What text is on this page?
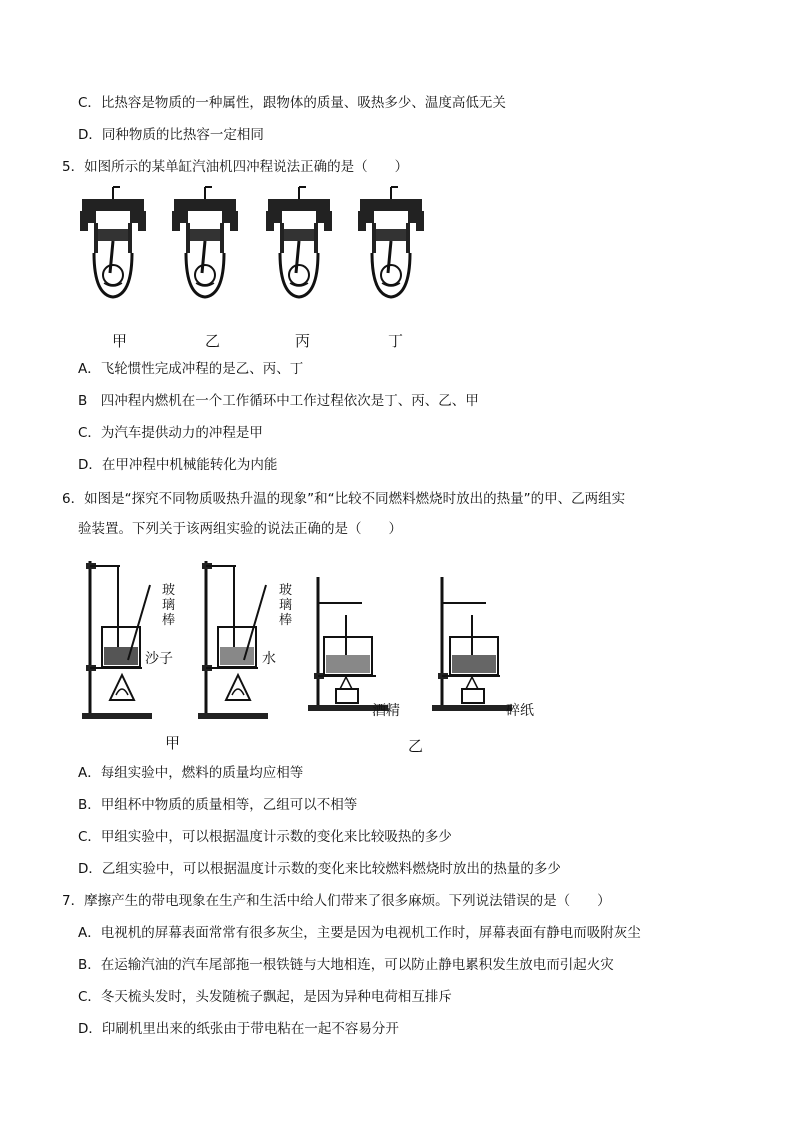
C．比热容是物质的一种属性，跟物体的质量、吸热多少、温度高低无关
D．同种物质的比热容一定相同
5．如图所示的某单缸汽油机四冲程说法正确的是（　　）
甲	乙	丙	丁
A．飞轮惯性完成冲程的是乙、丙、丁
B　四冲程内燃机在一个工作循环中工作过程依次是丁、丙、乙、甲
C．为汽车提供动力的冲程是甲
D．在甲冲程中机械能转化为内能
6．如图是“探究不同物质吸热升温的现象”和“比较不同燃料燃烧时放出的热量”的甲、乙两组实
验装置。下列关于该两组实验的说法正确的是（　　）
玻璃棒
沙子
玻璃棒
水
酒精	碎纸
甲	乙
A．每组实验中，燃料的质量均应相等
B．甲组杯中物质的质量相等，乙组可以不相等
C．甲组实验中，可以根据温度计示数的变化来比较吸热的多少
D．乙组实验中，可以根据温度计示数的变化来比较燃料燃烧时放出的热量的多少
7．摩擦产生的带电现象在生产和生活中给人们带来了很多麻烦。下列说法错误的是（　　）
A．电视机的屏幕表面常常有很多灰尘，主要是因为电视机工作时，屏幕表面有静电而吸附灰尘
B．在运输汽油的汽车尾部拖一根铁链与大地相连，可以防止静电累积发生放电而引起火灾
C．冬天梳头发时，头发随梳子飘起，是因为异种电荷相互排斥
D．印刷机里出来的纸张由于带电粘在一起不容易分开
